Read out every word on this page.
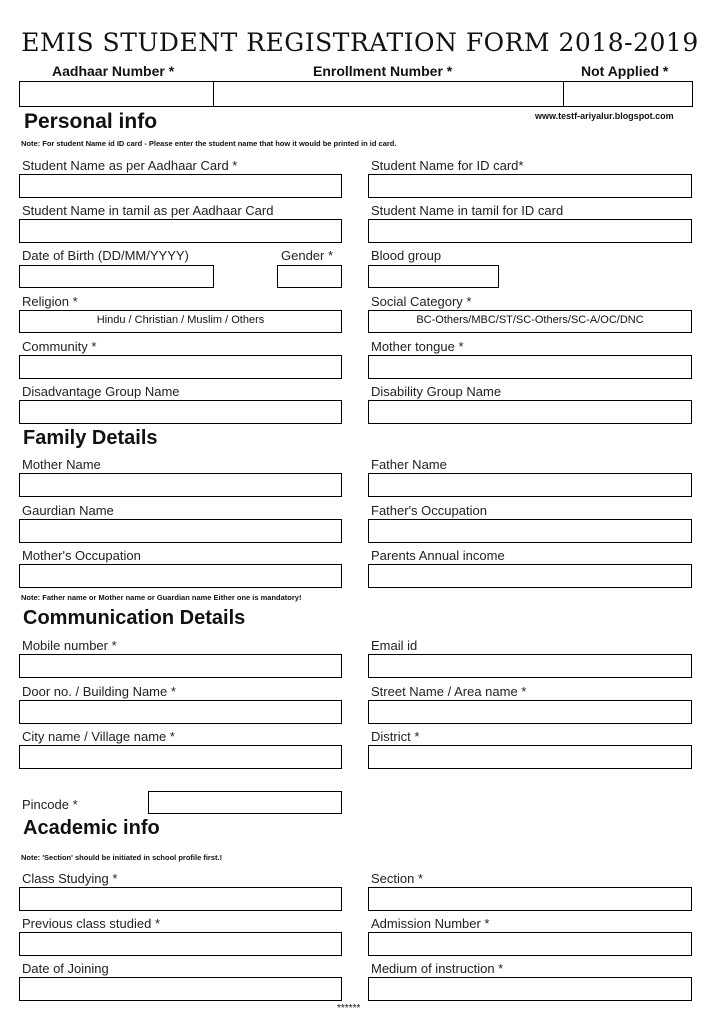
EMIS STUDENT REGISTRATION FORM 2018-2019
Aadhaar Number *	Enrollment Number *	Not Applied *
Personal info	www.testf-ariyalur.blogspot.com
Note: For student Name id ID card - Please enter the student name that how it would be printed in id card.
Student Name as per Aadhaar Card *	Student Name for ID card*
Student Name in tamil as per Aadhaar Card	Student Name in tamil for ID card
Date of Birth (DD/MM/YYYY)	Gender *	Blood group
Religion *	Social Category *
Hindu / Christian / Muslim / Others	BC-Others/MBC/ST/SC-Others/SC-A/OC/DNC
Community *	Mother tongue *
Disadvantage Group Name	Disability Group Name
Family Details
Mother Name	Father Name
Gaurdian Name	Father's Occupation
Mother's Occupation	Parents Annual income
Note: Father name or Mother name or Guardian name Either one is mandatory!
Communication Details
Mobile number *	Email id
Door no. / Building Name *	Street Name / Area name *
City name / Village name *	District *
Pincode *
Academic info
Note: 'Section' should be initiated in school profile first.!
Class Studying *	Section *
Previous class studied *	Admission Number *
Date of Joining	Medium of instruction *
******
